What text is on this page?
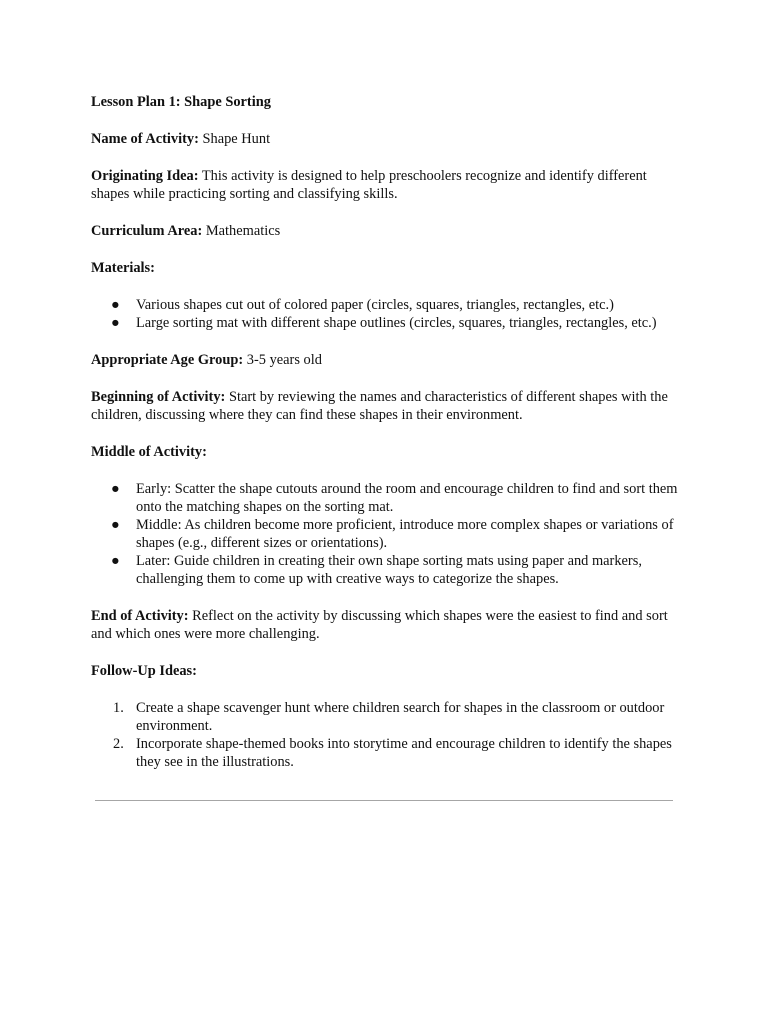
Lesson Plan 1: Shape Sorting

Name of Activity: Shape Hunt

Originating Idea: This activity is designed to help preschoolers recognize and identify different shapes while practicing sorting and classifying skills.

Curriculum Area: Mathematics

Materials:

● Various shapes cut out of colored paper (circles, squares, triangles, rectangles, etc.)
● Large sorting mat with different shape outlines (circles, squares, triangles, rectangles, etc.)

Appropriate Age Group: 3-5 years old

Beginning of Activity: Start by reviewing the names and characteristics of different shapes with the children, discussing where they can find these shapes in their environment.

Middle of Activity:

● Early: Scatter the shape cutouts around the room and encourage children to find and sort them onto the matching shapes on the sorting mat.
● Middle: As children become more proficient, introduce more complex shapes or variations of shapes (e.g., different sizes or orientations).
● Later: Guide children in creating their own shape sorting mats using paper and markers, challenging them to come up with creative ways to categorize the shapes.

End of Activity: Reflect on the activity by discussing which shapes were the easiest to find and sort and which ones were more challenging.

Follow-Up Ideas:

1. Create a shape scavenger hunt where children search for shapes in the classroom or outdoor environment.
2. Incorporate shape-themed books into storytime and encourage children to identify the shapes they see in the illustrations.
